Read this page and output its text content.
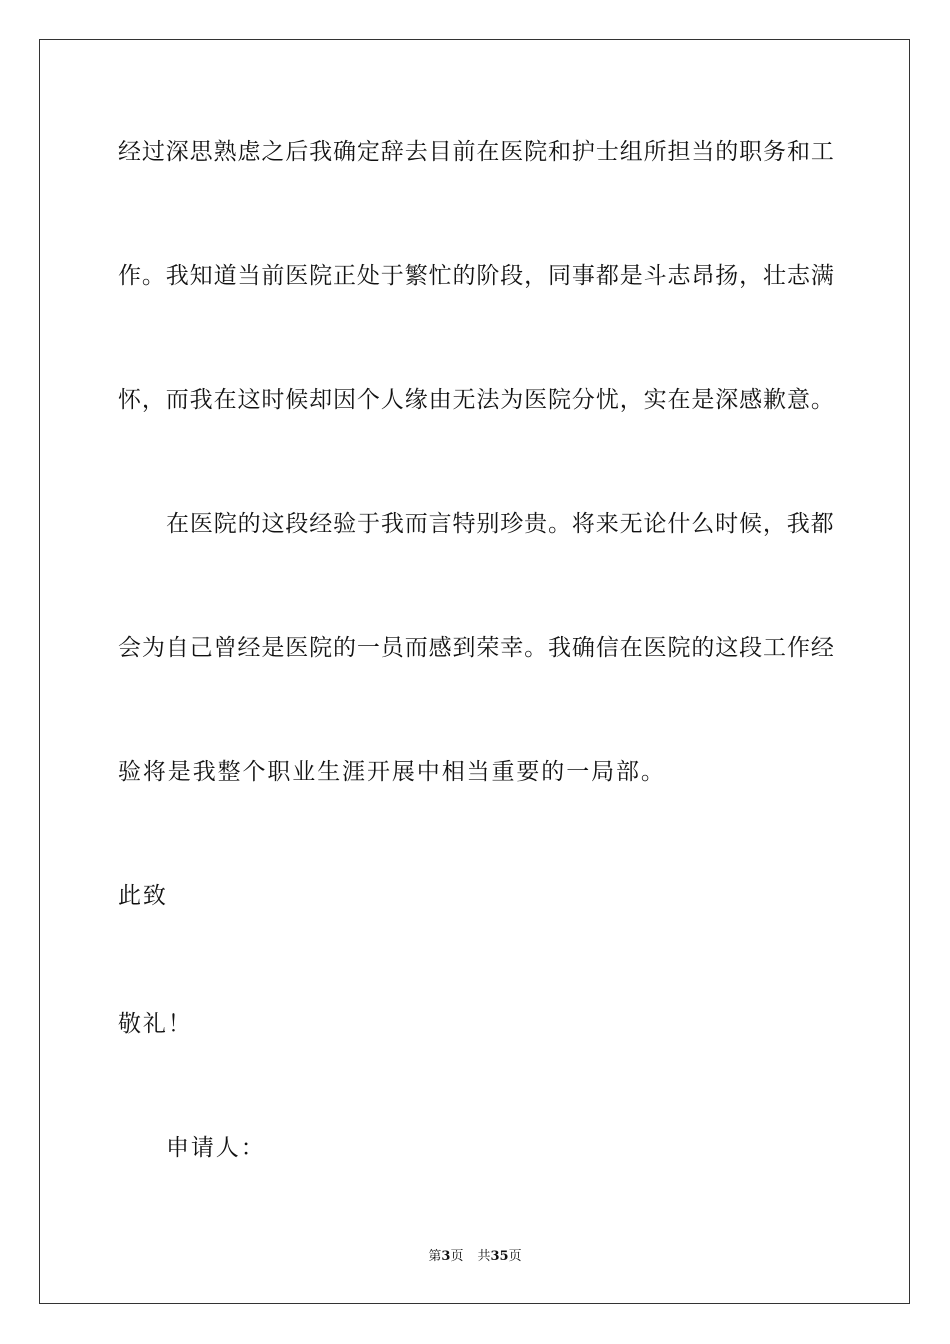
经 过 深 思 熟 虑 之 后 我 确 定 辞 去 目 前 在 医 院 和 护 士 组 所 担 当 的 职 务 和 工
作 。 我 知 道 当 前 医 院 正 处 于 繁 忙 的 阶 段 ， 同 事 都 是 斗 志 昂 扬 ， 壮 志 满
怀 ， 而 我 在 这 时 候 却 因 个 人 缘 由 无 法 为 医 院 分 忧 ， 实 在 是 深 感 歉 意 。
在 医 院 的 这 段 经 验 于 我 而 言 特 别 珍 贵 。 将 来 无 论 什 么 时 候 ， 我 都
会 为 自 己 曾 经 是 医 院 的 一 员 而 感 到 荣 幸 。 我 确 信 在 医 院 的 这 段 工 作 经
验将是我整个职业生涯开展中相当重要的一局部。
此致
敬礼！
申请人：
第3页 共35页
